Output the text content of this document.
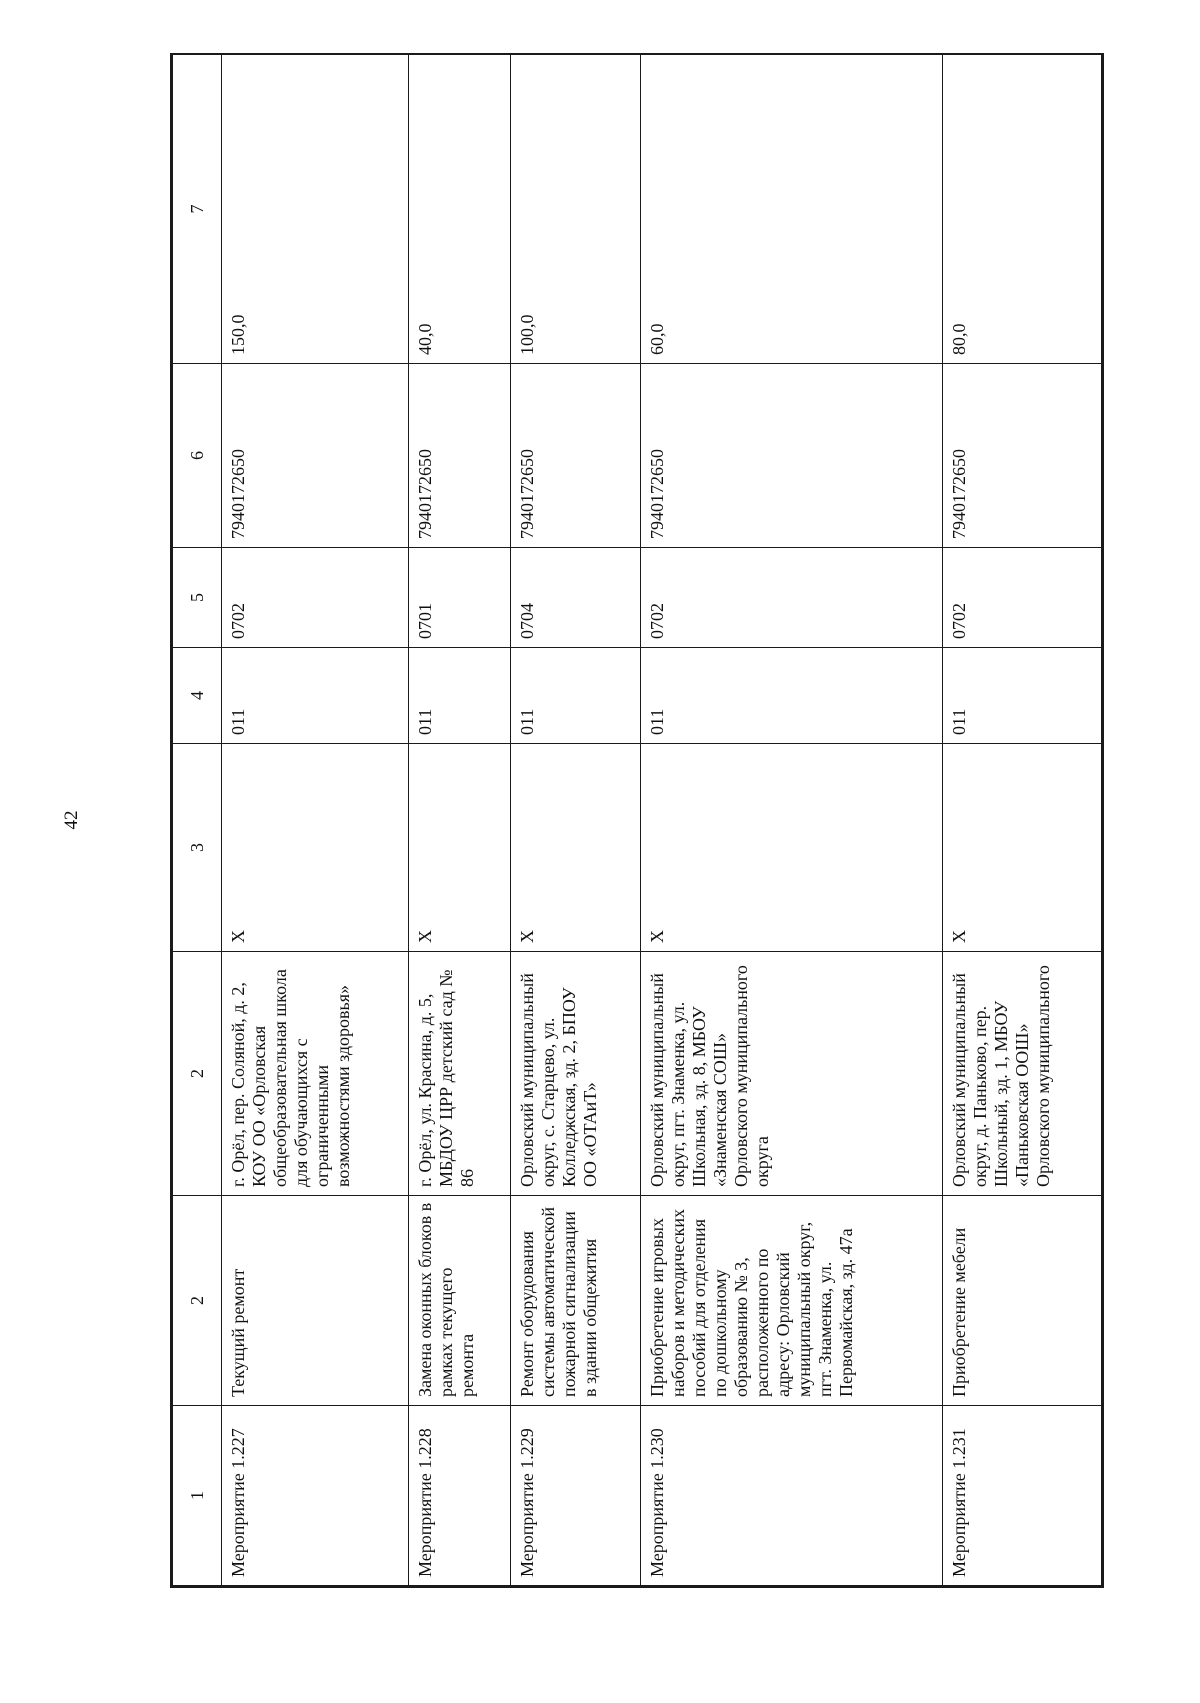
42
1	2	2	3	4	5	6	7
Мероприятие 1.227	Текущий ремонт	г. Орёл, пер. Соляной, д. 2, КОУ ОО «Орловская общеобразовательная школа для обучающихся с ограниченными возможностями здоровья»	Х	011	0702	7940172650	150,0
Мероприятие 1.228	Замена оконных блоков в рамках текущего ремонта	г. Орёл, ул. Красина, д. 5, МБДОУ ЦРР детский сад № 86	Х	011	0701	7940172650	40,0
Мероприятие 1.229	Ремонт оборудования системы автоматической пожарной сигнализации в здании общежития	Орловский муниципальный округ, с. Старцево, ул. Колледжская, зд. 2, БПОУ ОО «ОТАиТ»	Х	011	0704	7940172650	100,0
Мероприятие 1.230	Приобретение игровых наборов и методических пособий для отделения по дошкольному образованию № 3, расположенного по адресу: Орловский муниципальный округ, пгт. Знаменка, ул. Первомайская, зд. 47а	Орловский муниципальный округ, пгт. Знаменка, ул. Школьная, зд. 8, МБОУ «Знаменская СОШ» Орловского муниципального округа	Х	011	0702	7940172650	60,0
Мероприятие 1.231	Приобретение мебели	Орловский муниципальный округ, д. Паньково, пер. Школьный, зд. 1, МБОУ «Паньковская ООШ» Орловского муниципального	Х	011	0702	7940172650	80,0
